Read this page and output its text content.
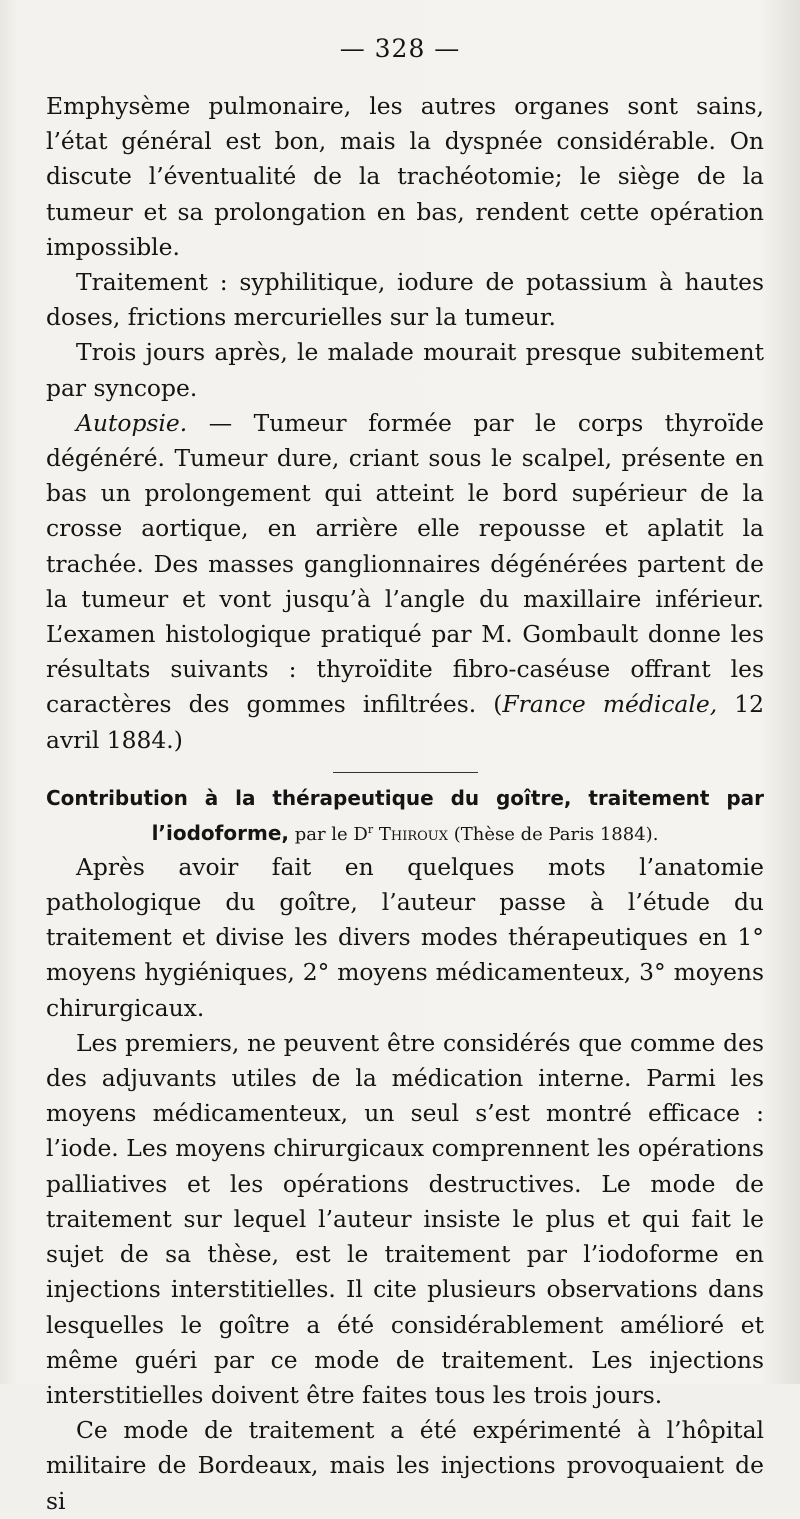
— 328 —

Emphysème pulmonaire, les autres organes sont sains, l’état général est bon, mais la dyspnée considérable. On discute l’éventualité de la trachéotomie; le siège de la tumeur et sa prolongation en bas, rendent cette opération impossible.

Traitement : syphilitique, iodure de potassium à hautes doses, frictions mercurielles sur la tumeur.

Trois jours après, le malade mourait presque subitement par syncope.

Autopsie. — Tumeur formée par le corps thyroïde dégénéré. Tumeur dure, criant sous le scalpel, présente en bas un prolongement qui atteint le bord supérieur de la crosse aortique, en arrière elle repousse et aplatit la trachée. Des masses ganglionnaires dégénérées partent de la tumeur et vont jusqu’à l’angle du maxillaire inférieur. L’examen histologique pratiqué par M. Gombault donne les résultats suivants : thyroïdite fibro-caséuse offrant les caractères des gommes infiltrées. (France médicale, 12 avril 1884.)

Contribution à la thérapeutique du goître, traitement par l’iodoforme, par le $D^r$ Thiroux (Thèse de Paris 1884).

Après avoir fait en quelques mots l’anatomie pathologique du goître, l’auteur passe à l’étude du traitement et divise les divers modes thérapeutiques en 1° moyens hygiéniques, 2° moyens médicamenteux, 3° moyens chirurgicaux.

Les premiers, ne peuvent être considérés que comme des des adjuvants utiles de la médication interne. Parmi les moyens médicamenteux, un seul s’est montré efficace : l’iode. Les moyens chirurgicaux comprennent les opérations palliatives et les opérations destructives. Le mode de traitement sur lequel l’auteur insiste le plus et qui fait le sujet de sa thèse, est le traitement par l’iodoforme en injections interstitielles. Il cite plusieurs observations dans lesquelles le goître a été considérablement amélioré et même guéri par ce mode de traitement. Les injections interstitielles doivent être faites tous les trois jours.

Ce mode de traitement a été expérimenté à l’hôpital militaire de Bordeaux, mais les injections provoquaient de si
